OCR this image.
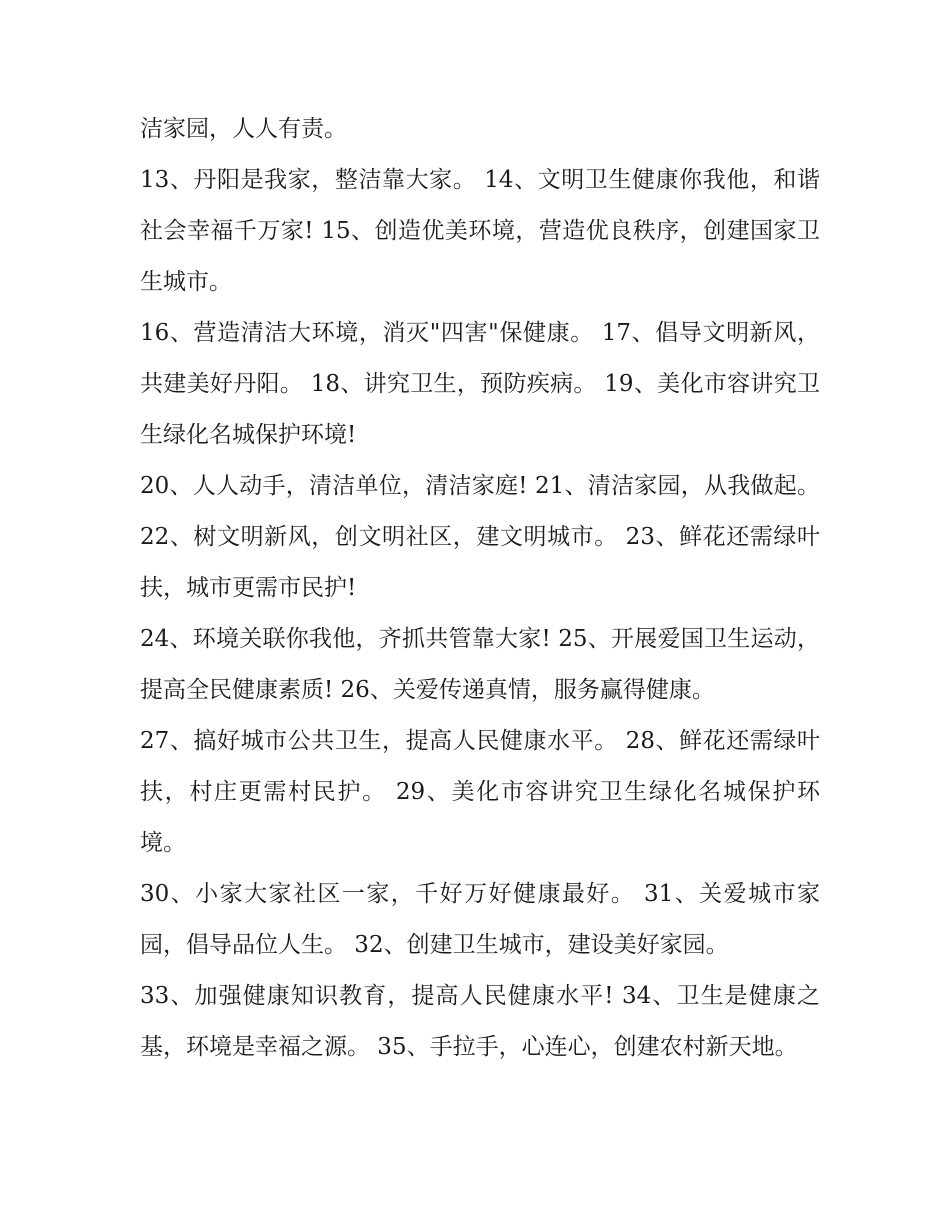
洁家园，人人有责。

13、丹阳是我家，整洁靠大家。 14、文明卫生健康你我他，和谐社会幸福千万家! 15、创造优美环境，营造优良秩序，创建国家卫生城市。

16、营造清洁大环境，消灭"四害"保健康。 17、倡导文明新风，共建美好丹阳。 18、讲究卫生，预防疾病。 19、美化市容讲究卫生绿化名城保护环境!

20、人人动手，清洁单位，清洁家庭! 21、清洁家园，从我做起。 22、树文明新风，创文明社区，建文明城市。 23、鲜花还需绿叶扶，城市更需市民护!

24、环境关联你我他，齐抓共管靠大家! 25、开展爱国卫生运动，提高全民健康素质! 26、关爱传递真情，服务赢得健康。

27、搞好城市公共卫生，提高人民健康水平。 28、鲜花还需绿叶扶，村庄更需村民护。 29、美化市容讲究卫生绿化名城保护环境。

30、小家大家社区一家，千好万好健康最好。 31、关爱城市家园，倡导品位人生。 32、创建卫生城市，建设美好家园。

33、加强健康知识教育，提高人民健康水平! 34、卫生是健康之基，环境是幸福之源。 35、手拉手，心连心，创建农村新天地。
